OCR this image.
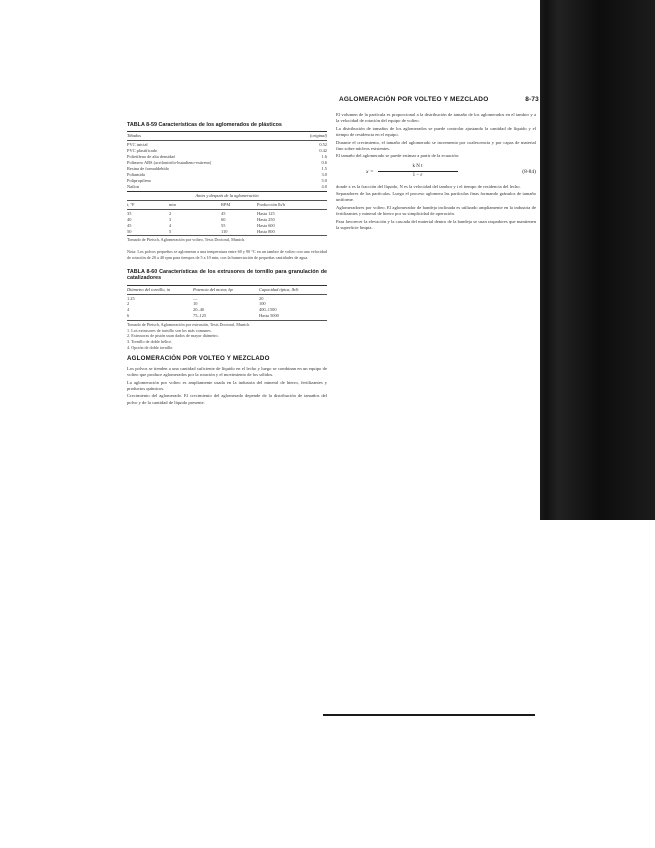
AGLOMERACIÓN POR VOLTEO Y MEZCLADO	8-73
TABLA 8-59 Características de los aglomerados de plásticos
Tiñados	(original)
PVC inicial	0.52
PVC plastificado	0.42
Polietileno de alta densidad	1.6
Polímero ABS (acrilonitrilo-butadieno-estireno)	0.6
Resina de formaldehído	1.5
Poliamida	3.0
Polipropileno	5.0
Nailon	4.0
Antes y después de la aglomeración
t, °F	min	RPM	Producción lb/h
35	2	45	Hasta 125
40	3	60	Hasta 250
45	4	55	Hasta 600
50	5	110	Hasta 800
Tomado de Pietsch, Aglomeración por volteo, Tesis Doctoral, Munich.

Nota: Los polvos pequeños se aglomeran a una temperatura entre 60 y 90 °C en un tambor de volteo con una velocidad de rotación de 20 a 40 rpm para tiempos de 5 a 10 min, con la humectación de pequeñas cantidades de agua.

TABLA 8-60 Características de los extrusores de tornillo para granulación de catalizadores
Diámetro del tornillo, in	Potencia del motor, hp	Capacidad típica, lb/h
1.25	—	20
2	10	100
4	20–40	400–1500
6	75–125	Hasta 5000
Tomado de Pietsch, Aglomeración por extrusión, Tesis Doctoral, Munich.
1. Los extrusores de tornillo son los más comunes.
2. Extrusoras de pistón usan dados de mayor diámetro.
3. Tornillo de doble hélice.
4. Opción de doble tornillo.
AGLOMERACIÓN POR VOLTEO Y MEZCLADO

Los polvos se tienden a una cantidad suficiente de líquido en el lecho y luego se combinan en un equipo de volteo que produce aglomerados por la rotación y el movimiento de los sólidos.

La aglomeración por volteo es ampliamente usada en la industria del mineral de hierro, fertilizantes y productos químicos.

Crecimiento del aglomerado. El crecimiento del aglomerado depende de la distribución de tamaños del polvo y de la cantidad de líquido presente.

El volumen de la partícula es proporcional a la distribución de tamaño de los aglomerados en el tambor y a la velocidad de rotación del equipo de volteo.

La distribución de tamaños de los aglomerados se puede controlar ajustando la cantidad de líquido y el tiempo de residencia en el equipo.

Durante el crecimiento, el tamaño del aglomerado se incrementa por coalescencia y por capas de material fino sobre núcleos existentes.

El tamaño del aglomerado se puede estimar a partir de la ecuación:

$x = \frac{\text{k N t}}{1 - \varepsilon}$	(8-84)

donde x es la fracción del líquido, N es la velocidad del tambor y t el tiempo de residencia del lecho.

Separadores de las partículas. Luego el proceso aglomera las partículas finas formando gránulos de tamaño uniforme.

Aglomeradores por volteo. El aglomerador de bandeja inclinada es utilizado ampliamente en la industria de fertilizantes y mineral de hierro por su simplicidad de operación.

Para favorecer la elevación y la cascada del material dentro de la bandeja se usan raspadores que mantienen la superficie limpia.
